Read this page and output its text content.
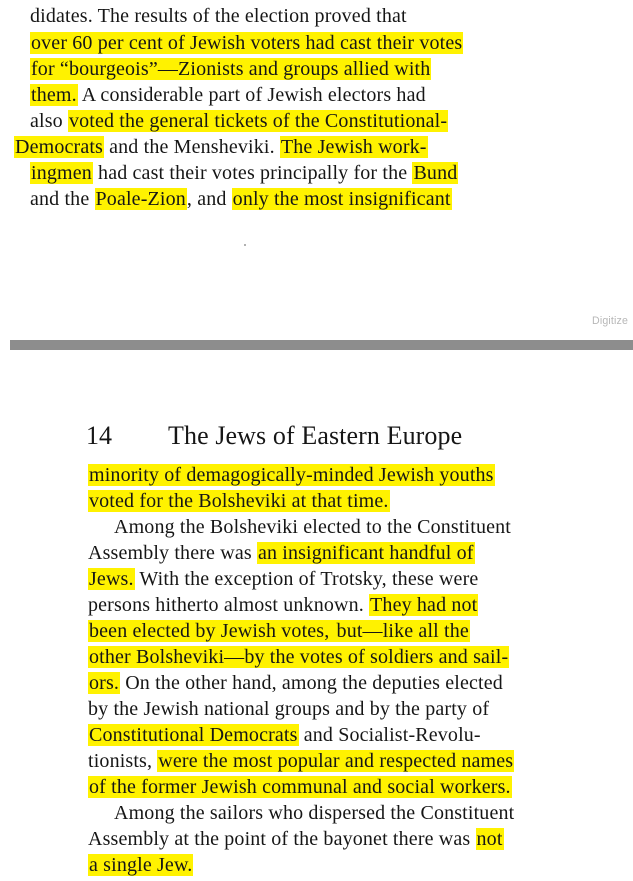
didates. The results of the election proved that
over 60 per cent of Jewish voters had cast their votes
for “bourgeois”—Zionists and groups allied with
them. A considerable part of Jewish electors had
also voted the general tickets of the Constitutional-
Democrats and the Mensheviki. The Jewish work-
ingmen had cast their votes principally for the Bund
and the Poale-Zion, and only the most insignificant
Digitize
14 The Jews of Eastern Europe
minority of demagogically-minded Jewish youths
voted for the Bolsheviki at that time.
Among the Bolsheviki elected to the Constituent
Assembly there was an insignificant handful of
Jews. With the exception of Trotsky, these were
persons hitherto almost unknown. They had not
been elected by Jewish votes, but—like all the
other Bolsheviki—by the votes of soldiers and sail-
ors. On the other hand, among the deputies elected
by the Jewish national groups and by the party of
Constitutional Democrats and Socialist-Revolu-
tionists, were the most popular and respected names
of the former Jewish communal and social workers.
Among the sailors who dispersed the Constituent
Assembly at the point of the bayonet there was not
a single Jew.
